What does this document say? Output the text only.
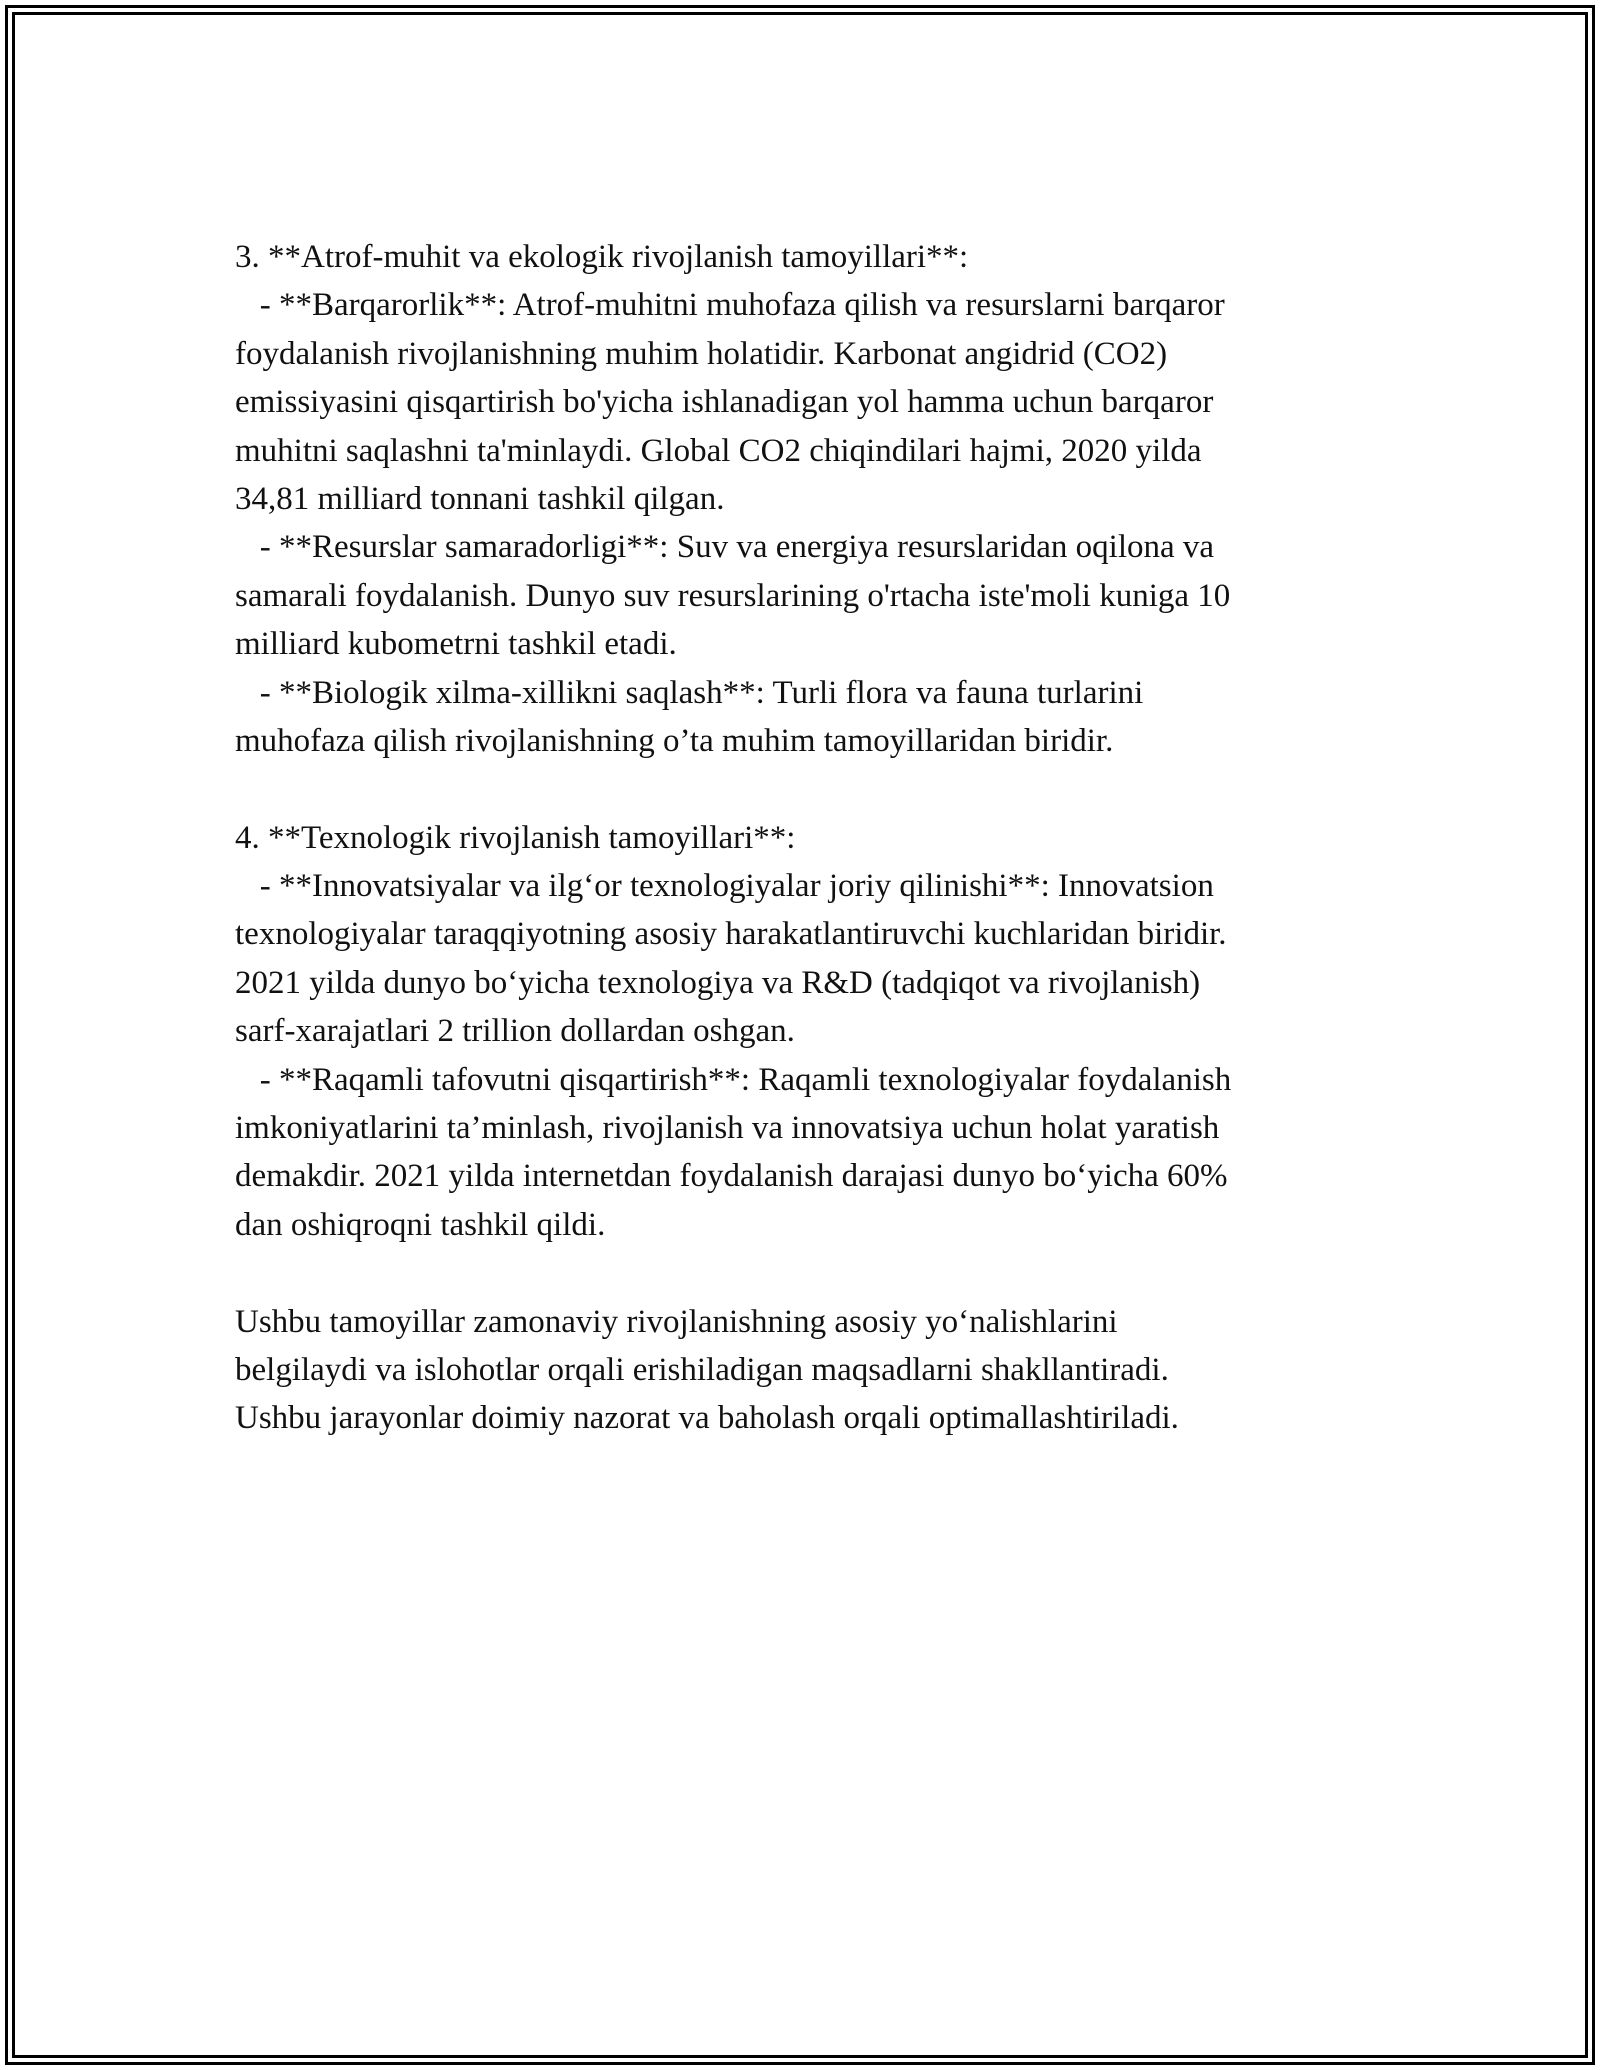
3. **Atrof-muhit va ekologik rivojlanish tamoyillari**:
- **Barqarorlik**: Atrof-muhitni muhofaza qilish va resurslarni barqaror
foydalanish rivojlanishning muhim holatidir. Karbonat angidrid (CO2)
emissiyasini qisqartirish bo'yicha ishlanadigan yol hamma uchun barqaror
muhitni saqlashni ta'minlaydi. Global CO2 chiqindilari hajmi, 2020 yilda
34,81 milliard tonnani tashkil qilgan.
- **Resurslar samaradorligi**: Suv va energiya resurslaridan oqilona va
samarali foydalanish. Dunyo suv resurslarining o'rtacha iste'moli kuniga 10
milliard kubometrni tashkil etadi.
- **Biologik xilma-xillikni saqlash**: Turli flora va fauna turlarini
muhofaza qilish rivojlanishning o’ta muhim tamoyillaridan biridir.
4. **Texnologik rivojlanish tamoyillari**:
- **Innovatsiyalar va ilg‘or texnologiyalar joriy qilinishi**: Innovatsion
texnologiyalar taraqqiyotning asosiy harakatlantiruvchi kuchlaridan biridir.
2021 yilda dunyo bo‘yicha texnologiya va R&D (tadqiqot va rivojlanish)
sarf-xarajatlari 2 trillion dollardan oshgan.
- **Raqamli tafovutni qisqartirish**: Raqamli texnologiyalar foydalanish
imkoniyatlarini ta’minlash, rivojlanish va innovatsiya uchun holat yaratish
demakdir. 2021 yilda internetdan foydalanish darajasi dunyo bo‘yicha 60%
dan oshiqroqni tashkil qildi.
Ushbu tamoyillar zamonaviy rivojlanishning asosiy yo‘nalishlarini
belgilaydi va islohotlar orqali erishiladigan maqsadlarni shakllantiradi.
Ushbu jarayonlar doimiy nazorat va baholash orqali optimallashtiriladi.
